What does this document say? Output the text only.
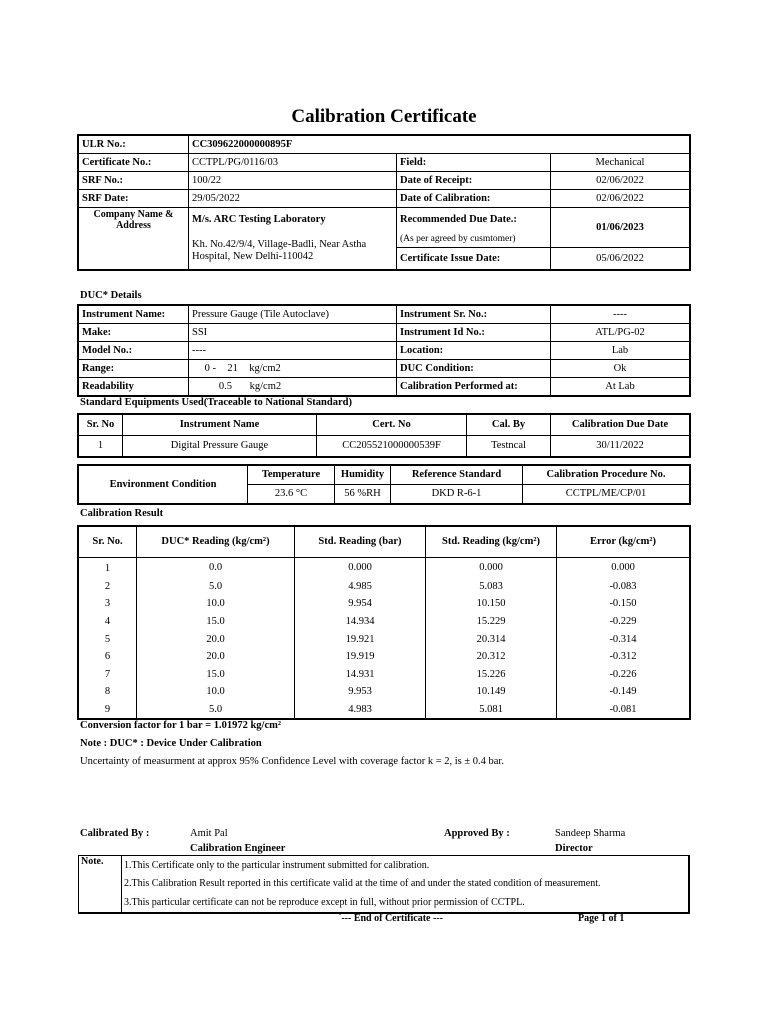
Calibration Certificate
ULR No.:	CC309622000000895F		
Certificate No.:	CCTPL/PG/0116/03	Field:	Mechanical
SRF No.:	100/22	Date of Receipt:	02/06/2022
SRF Date:	29/05/2022	Date of Calibration:	02/06/2022
Company Name & Address	M/s. ARC Testing Laboratory	Recommended Due Date.:	01/06/2023
	Kh. No.42/9/4, Village-Badli, Near Astha Hospital, New Delhi-110042	(As per agreed by cusmtomer)	
		Certificate Issue Date:	05/06/2022
DUC* Details
Instrument Name:	Pressure Gauge (Tile Autoclave)	Instrument Sr. No.:	----
Make:	SSI	Instrument Id No.:	ATL/PG-02
Model No.:	----	Location:	Lab
Range:	0 - 21 kg/cm2	DUC Condition:	Ok
Readability	0.5 kg/cm2	Calibration Performed at:	At Lab
Standard Equipments Used(Traceable to National Standard)
Sr. No	Instrument Name	Cert. No	Cal. By	Calibration Due Date
1	Digital Pressure Gauge	CC205521000000539F	Testncal	30/11/2022
Environment Condition	Temperature	Humidity	Reference Standard	Calibration Procedure No.
	23.6 °C	56 %RH	DKD R-6-1	CCTPL/ME/CP/01
Calibration Result
Sr. No.	DUC* Reading (kg/cm²)	Std. Reading (bar)	Std. Reading (kg/cm²)	Error (kg/cm²)
1	0.0	0.000	0.000	0.000
2	5.0	4.985	5.083	-0.083
3	10.0	9.954	10.150	-0.150
4	15.0	14.934	15.229	-0.229
5	20.0	19.921	20.314	-0.314
6	20.0	19.919	20.312	-0.312
7	15.0	14.931	15.226	-0.226
8	10.0	9.953	10.149	-0.149
9	5.0	4.983	5.081	-0.081
Conversion factor for 1 bar = 1.01972 kg/cm²
Note : DUC* : Device Under Calibration
Uncertainty of measurment at approx 95% Confidence Level with coverage factor k = 2, is ± 0.4 bar.
Calibrated By :	Amit Pal
Calibration Engineer
Approved By :	Sandeep Sharma
Director
Note.	1.This Certificate only to the particular instrument submitted for calibration.
2.This Calibration Result reported in this certificate valid at the time of and under the stated condition of measurement.
3.This particular certificate can not be reproduce except in full, without prior permission of CCTPL.
`--- End of Certificate ---	Page 1 of 1
